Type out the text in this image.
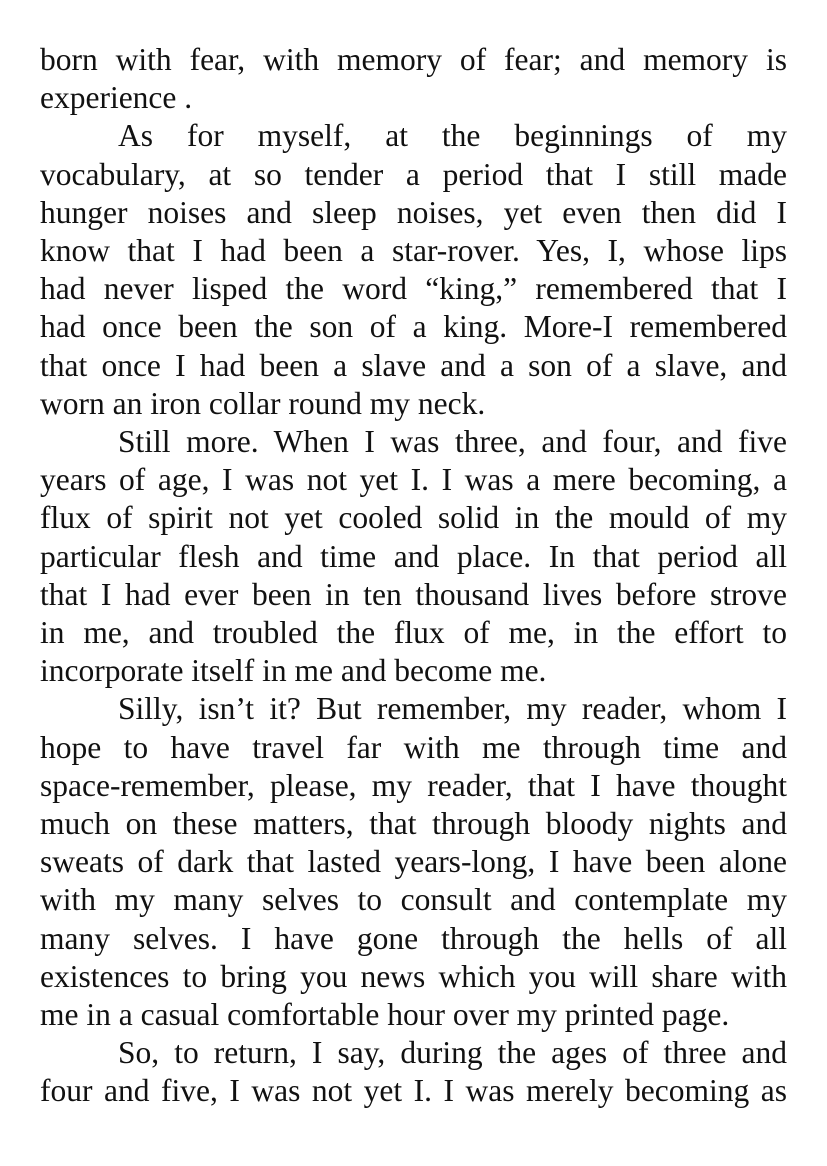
born with fear, with memory of fear; and memory is
experience .
As for myself, at the beginnings of my
vocabulary, at so tender a period that I still made
hunger noises and sleep noises, yet even then did I
know that I had been a star-rover. Yes, I, whose lips
had never lisped the word “king,” remembered that I
had once been the son of a king. More-I remembered
that once I had been a slave and a son of a slave, and
worn an iron collar round my neck.
Still more. When I was three, and four, and five
years of age, I was not yet I. I was a mere becoming, a
flux of spirit not yet cooled solid in the mould of my
particular flesh and time and place. In that period all
that I had ever been in ten thousand lives before strove
in me, and troubled the flux of me, in the effort to
incorporate itself in me and become me.
Silly, isn’t it? But remember, my reader, whom I
hope to have travel far with me through time and
space-remember, please, my reader, that I have thought
much on these matters, that through bloody nights and
sweats of dark that lasted years-long, I have been alone
with my many selves to consult and contemplate my
many selves. I have gone through the hells of all
existences to bring you news which you will share with
me in a casual comfortable hour over my printed page.
So, to return, I say, during the ages of three and
four and five, I was not yet I. I was merely becoming as
